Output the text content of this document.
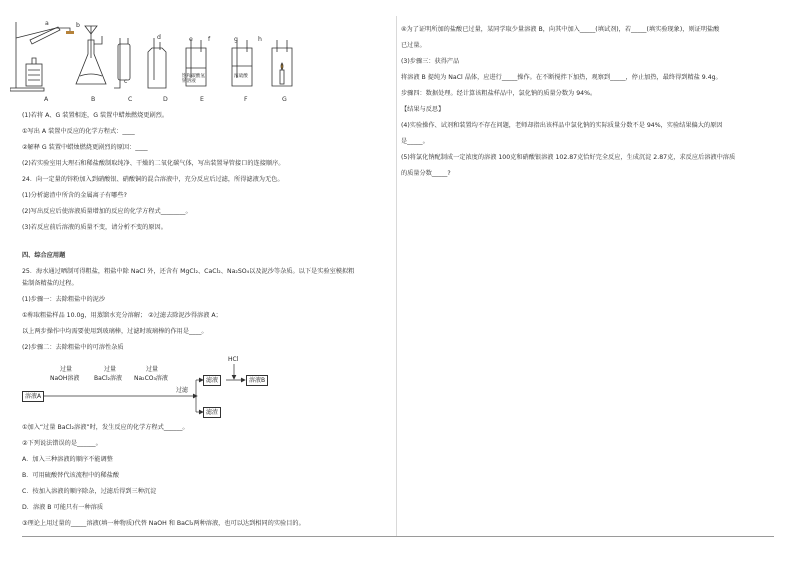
a	b
c
d	e f	g	h
饱和碳酸氢钠溶液
浓硫酸
A	B	C	D	E	F	G
(1)若将 A、G 装置相连，G 装置中蜡烛燃烧更剧烈。
①写出 A 装置中反应的化学方程式：____
②解释 G 装置中蜡烛燃烧更剧烈的原因：____
(2)若实验室用大理石和稀盐酸制取纯净、干燥的二氧化碳气体，写出装置导管接口的连接顺序。
24．向一定量的锌粉加入到硝酸银、硝酸铜的混合溶液中，充分反应后过滤，所得滤液为无色。
(1)分析滤渣中所含的金属离子有哪些?
(2)写出反应后使溶液质量增加的反应的化学方程式________。
(3)若反应前后溶液的质量不变，请分析不变的原因。
四、综合应用题
25．海水通过晒制可得粗盐，粗盐中除 NaCl 外，还含有 MgCl₂、CaCl₂、Na₂SO₄以及泥沙等杂质。以下是实验室模拟粗
盐制备精盐的过程。
(1)步骤一：去除粗盐中的泥沙
①称取粗盐样品 10.0g，用蒸馏水充分溶解； ②过滤去除泥沙得溶液 A；
以上两步操作中均需要使用到玻璃棒，过滤时玻璃棒的作用是____。
(2)步骤二：去除粗盐中的可溶性杂质
①加入“过量 BaCl₂溶液”时，发生反应的化学方程式______。
②下列说法错误的是______。
A．加入三种溶液的顺序不能调整
B．可用硫酸替代该流程中的稀盐酸
C．按加入溶液的顺序除杂，过滤后得到三种沉淀
D．溶液 B 可能只有一种溶质
③理论上用过量的_____溶液(填一种物质)代替 NaOH 和 BaCl₂两种溶液，也可以达到相同的实验目的。
溶液A
过量
NaOH溶液
过量
BaCl₂溶液
过量
Na₂CO₃溶液
过滤
滤液
HCl
溶液B
滤渣
④为了证明所加的盐酸已过量，某同学取少量溶液 B，向其中加入_____(填试剂)，若_____(填实验现象)，则证明盐酸
已过量。
(3)步骤三：获得产品
将溶液 B 提纯为 NaCl 晶体，应进行_____操作。在不断搅拌下加热，观察到_____，停止加热，最终得到精盐 9.4g。
步骤四：数据处理。经计算该粗盐样品中，氯化钠的质量分数为 94%。
【结果与反思】
(4)实验操作、试剂和装置均不存在问题，老师却指出该样品中氯化钠的实际质量分数不是 94%，实验结果偏大的原因
是_____。
(5)将氯化钠配制成一定浓度的溶液 100克和硝酸银溶液 102.87克恰好完全反应，生成沉淀 2.87克，求反应后溶液中溶质
的质量分数_____?
